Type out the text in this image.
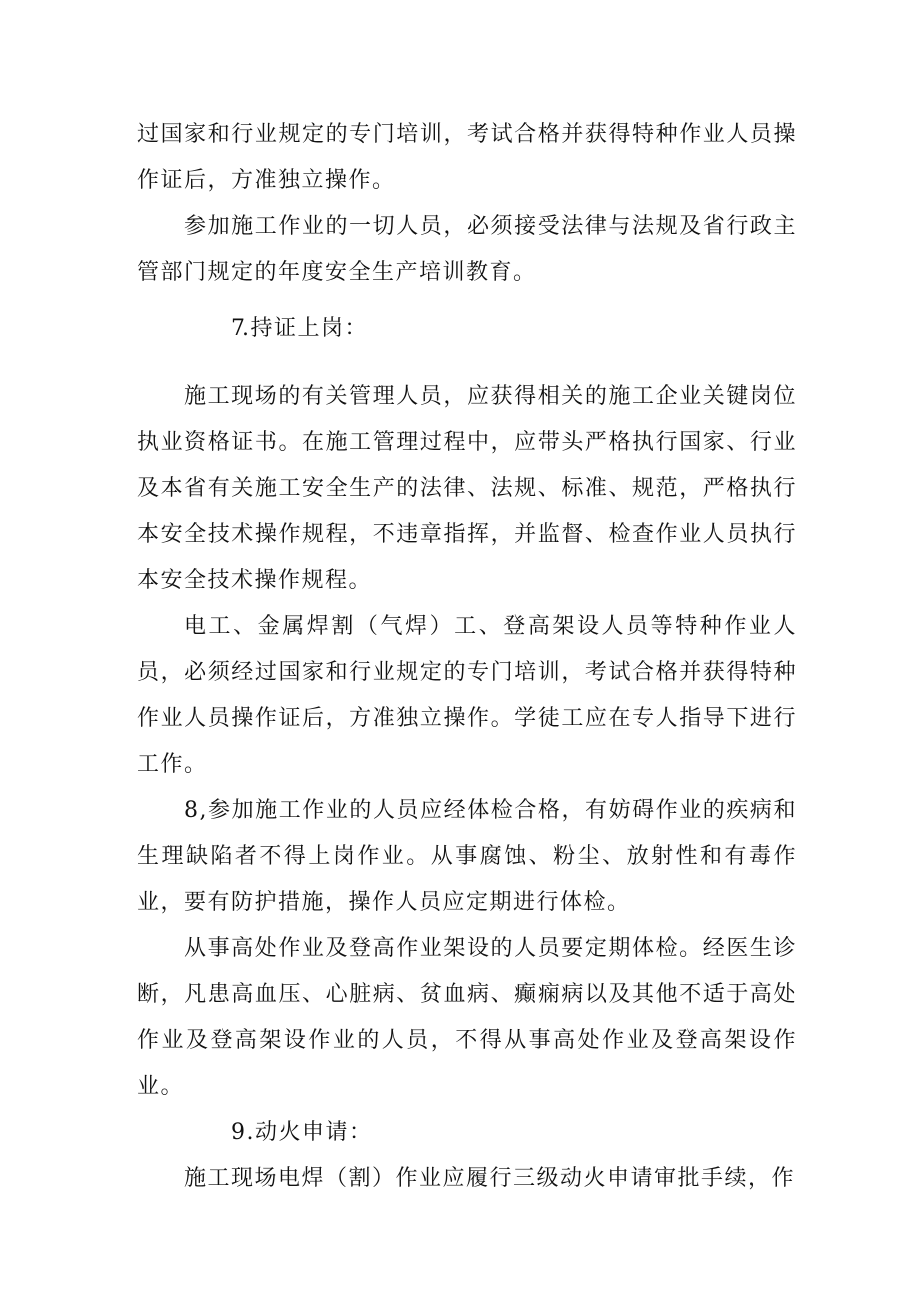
过国家和行业规定的专门培训，考试合格并获得特种作业人员操作证后，方准独立操作。

参加施工作业的一切人员，必须接受法律与法规及省行政主管部门规定的年度安全生产培训教育。

7.持证上岗：

施工现场的有关管理人员，应获得相关的施工企业关键岗位执业资格证书。在施工管理过程中，应带头严格执行国家、行业及本省有关施工安全生产的法律、法规、标准、规范，严格执行本安全技术操作规程，不违章指挥，并监督、检查作业人员执行本安全技术操作规程。

电工、金属焊割（气焊）工、登高架设人员等特种作业人员，必须经过国家和行业规定的专门培训，考试合格并获得特种作业人员操作证后，方准独立操作。学徒工应在专人指导下进行工作。

8,参加施工作业的人员应经体检合格，有妨碍作业的疾病和生理缺陷者不得上岗作业。从事腐蚀、粉尘、放射性和有毒作业，要有防护措施，操作人员应定期进行体检。

从事高处作业及登高作业架设的人员要定期体检。经医生诊断，凡患高血压、心脏病、贫血病、癫痫病以及其他不适于高处作业及登高架设作业的人员，不得从事高处作业及登高架设作业。

9.动火申请：

施工现场电焊（割）作业应履行三级动火申请审批手续，作
